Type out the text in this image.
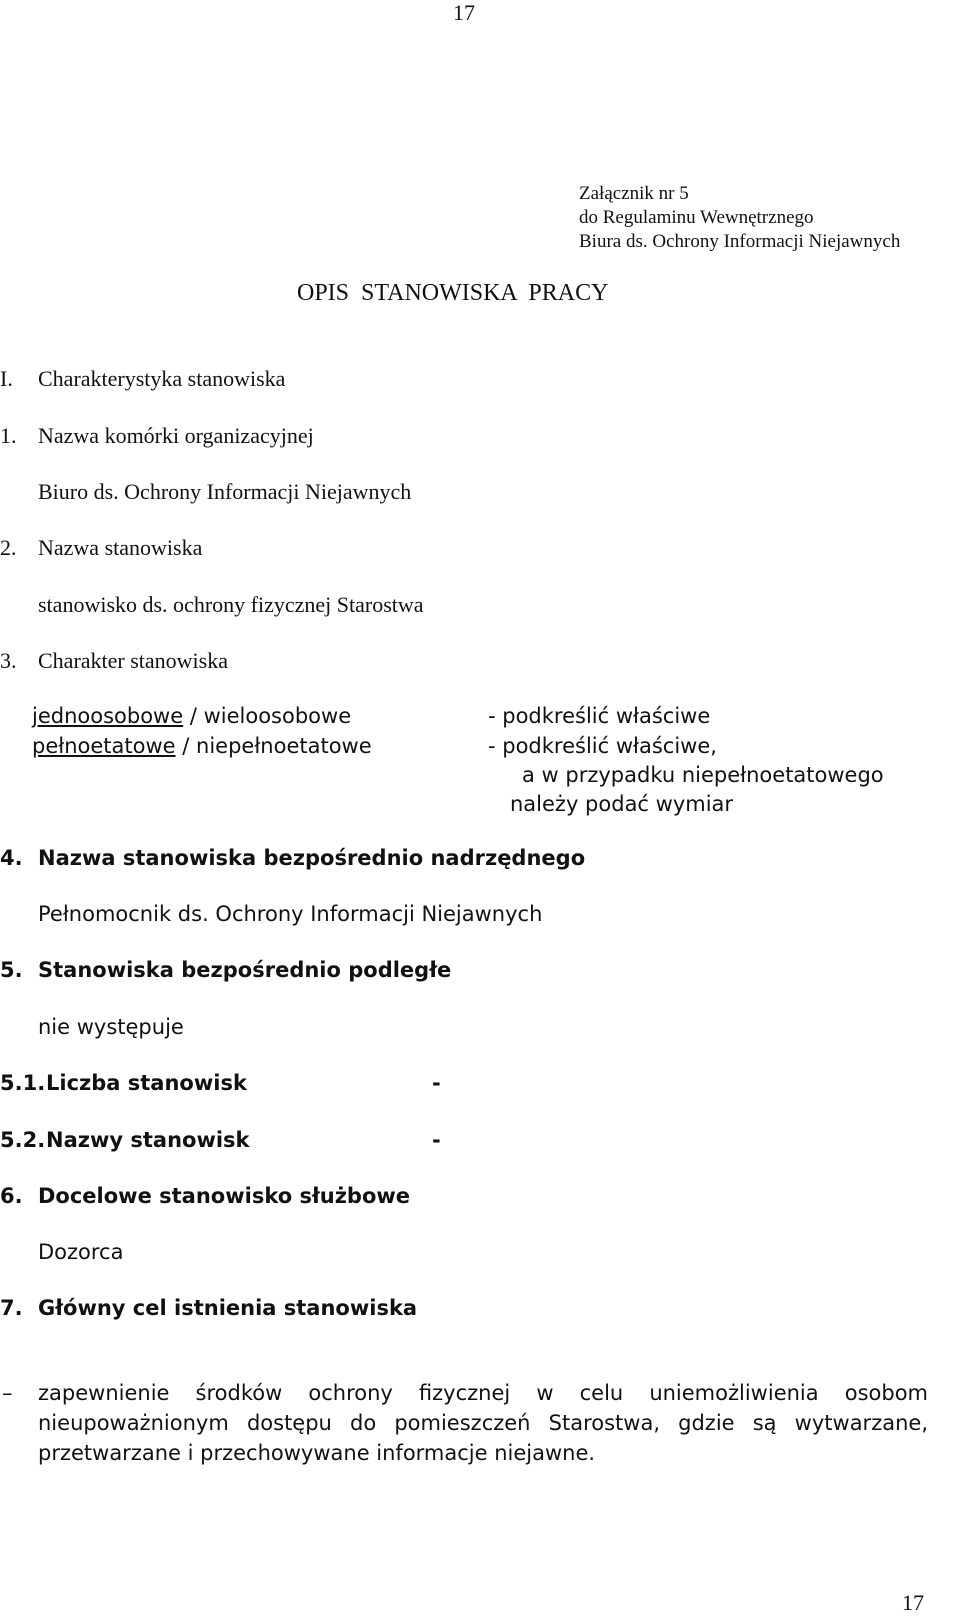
17
Załącznik nr 5
do Regulaminu Wewnętrznego
Biura ds. Ochrony Informacji Niejawnych
OPIS  STANOWISKA  PRACY
I. Charakterystyka stanowiska
1. Nazwa komórki organizacyjnej
Biuro ds. Ochrony Informacji Niejawnych
2. Nazwa stanowiska
stanowisko ds. ochrony fizycznej Starostwa
3. Charakter stanowiska
jednoosobowe / wieloosobowe	- podkreślić właściwe
pełnoetatowe / niepełnoetatowe	- podkreślić właściwe,
a w przypadku niepełnoetatowego
należy podać wymiar
4. Nazwa stanowiska bezpośrednio nadrzędnego
Pełnomocnik ds. Ochrony Informacji Niejawnych
5. Stanowiska bezpośrednio podległe
nie występuje
5.1. Liczba stanowisk	-
5.2. Nazwy stanowisk	-
6. Docelowe stanowisko służbowe
Dozorca
7. Główny cel istnienia stanowiska
– zapewnienie środków ochrony fizycznej w celu uniemożliwienia osobom nieupoważnionym dostępu do pomieszczeń Starostwa, gdzie są wytwarzane, przetwarzane i przechowywane informacje niejawne.
17
